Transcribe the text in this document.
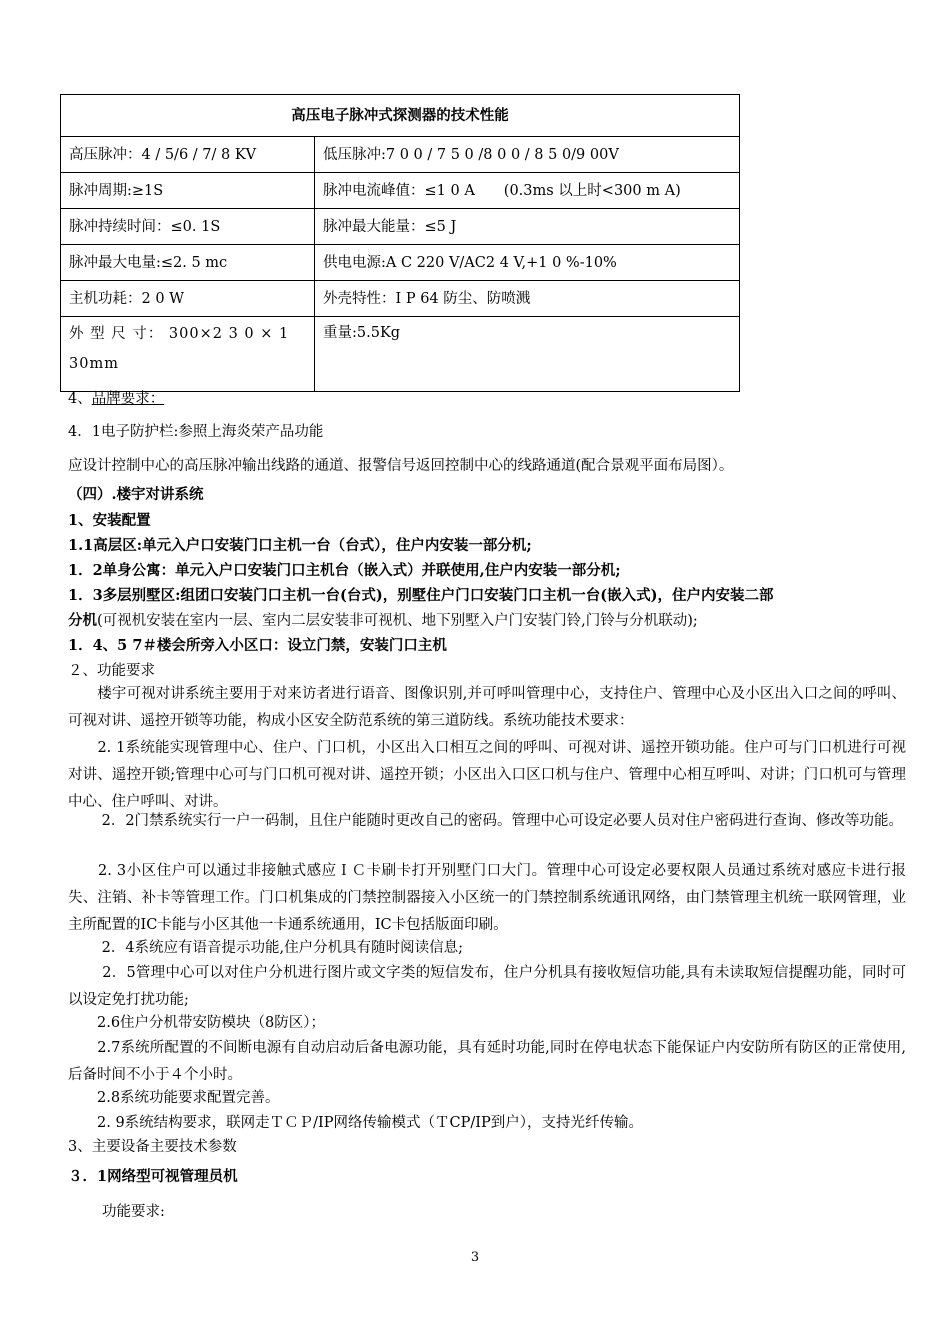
高压电子脉冲式探测器的技术性能	
高压脉冲：4 / 5/6 / 7/ 8 KV	低压脉冲:7 0 0 / 7 5 0 /8 0 0 / 8 5 0/9 00V
脉冲周期:≥1S	脉冲电流峰值：≤1 0 A　　(0.3ms 以上时<300 m A)
脉冲持续时间：≤0. 1S	脉冲最大能量：≤5 J
脉冲最大电量:≤2. 5 mc	供电电源:A C 220 V/AC2 4 V,+1 0 %-10%
主机功耗：2 0 W	外壳特性：I P 64 防尘、防喷溅
外 型 尺 寸： 300×2 3 0 × 1 30mm	重量:5.5Kg
4、品牌要求：
4．1电子防护栏:参照上海炎荣产品功能
应设计控制中心的高压脉冲输出线路的通道、报警信号返回控制中心的线路通道(配合景观平面布局图）。
（四）.楼宇对讲系统
1、安装配置
1.1高层区:单元入户口安装门口主机一台（台式），住户内安装一部分机;
1．2单身公寓：单元入户口安装门口主机台（嵌入式）并联使用,住户内安装一部分机;
1．3多层别墅区:组团口安装门口主机一台(台式)，别墅住户门口安装门口主机一台(嵌入式)，住户内安装二部
分机(可视机安装在室内一层、室内二层安装非可视机、地下别墅入户门安装门铃,门铃与分机联动);
1．4、5 7＃楼会所旁入小区口：设立门禁，安装门口主机
２、功能要求
　　楼宇可视对讲系统主要用于对来访者进行语音、图像识别,并可呼叫管理中心，支持住户、管理中心及小区出入口之间的呼叫、可视对讲、遥控开锁等功能，构成小区安全防范系统的第三道防线。系统功能技术要求：
　　2. 1系统能实现管理中心、住户、门口机，小区出入口相互之间的呼叫、可视对讲、遥控开锁功能。住户可与门口机进行可视对讲、遥控开锁;管理中心可与门口机可视对讲、遥控开锁；小区出入口区口机与住户、管理中心相互呼叫、对讲；门口机可与管理中心、住户呼叫、对讲。
　　 2．2门禁系统实行一户一码制，且住户能随时更改自己的密码。管理中心可设定必要人员对住户密码进行查询、修改等功能。
　　2. 3小区住户可以通过非接触式感应ＩＣ卡刷卡打开别墅门口大门。管理中心可设定必要权限人员通过系统对感应卡进行报失、注销、补卡等管理工作。门口机集成的门禁控制器接入小区统一的门禁控制系统通讯网络，由门禁管理主机统一联网管理，业主所配置的IC卡能与小区其他一卡通系统通用，IC卡包括版面印刷。
　　 2．4系统应有语音提示功能,住户分机具有随时阅读信息;
　　 2．5管理中心可以对住户分机进行图片或文字类的短信发布，住户分机具有接收短信功能,具有未读取短信提醒功能，同时可以设定免打扰功能;
　　2.6住户分机带安防模块（8防区）；
　　2.7系统所配置的不间断电源有自动启动后备电源功能，具有延时功能,同时在停电状态下能保证户内安防所有防区的正常使用,后备时间不小于４个小时。
　　2.8系统功能要求配置完善。
　　2. 9系统结构要求，联网走ＴＣＰ/IP网络传输模式（ＴCP/IP到户），支持光纤传输。
3、主要设备主要技术参数
３．1网络型可视管理员机
功能要求:
3
